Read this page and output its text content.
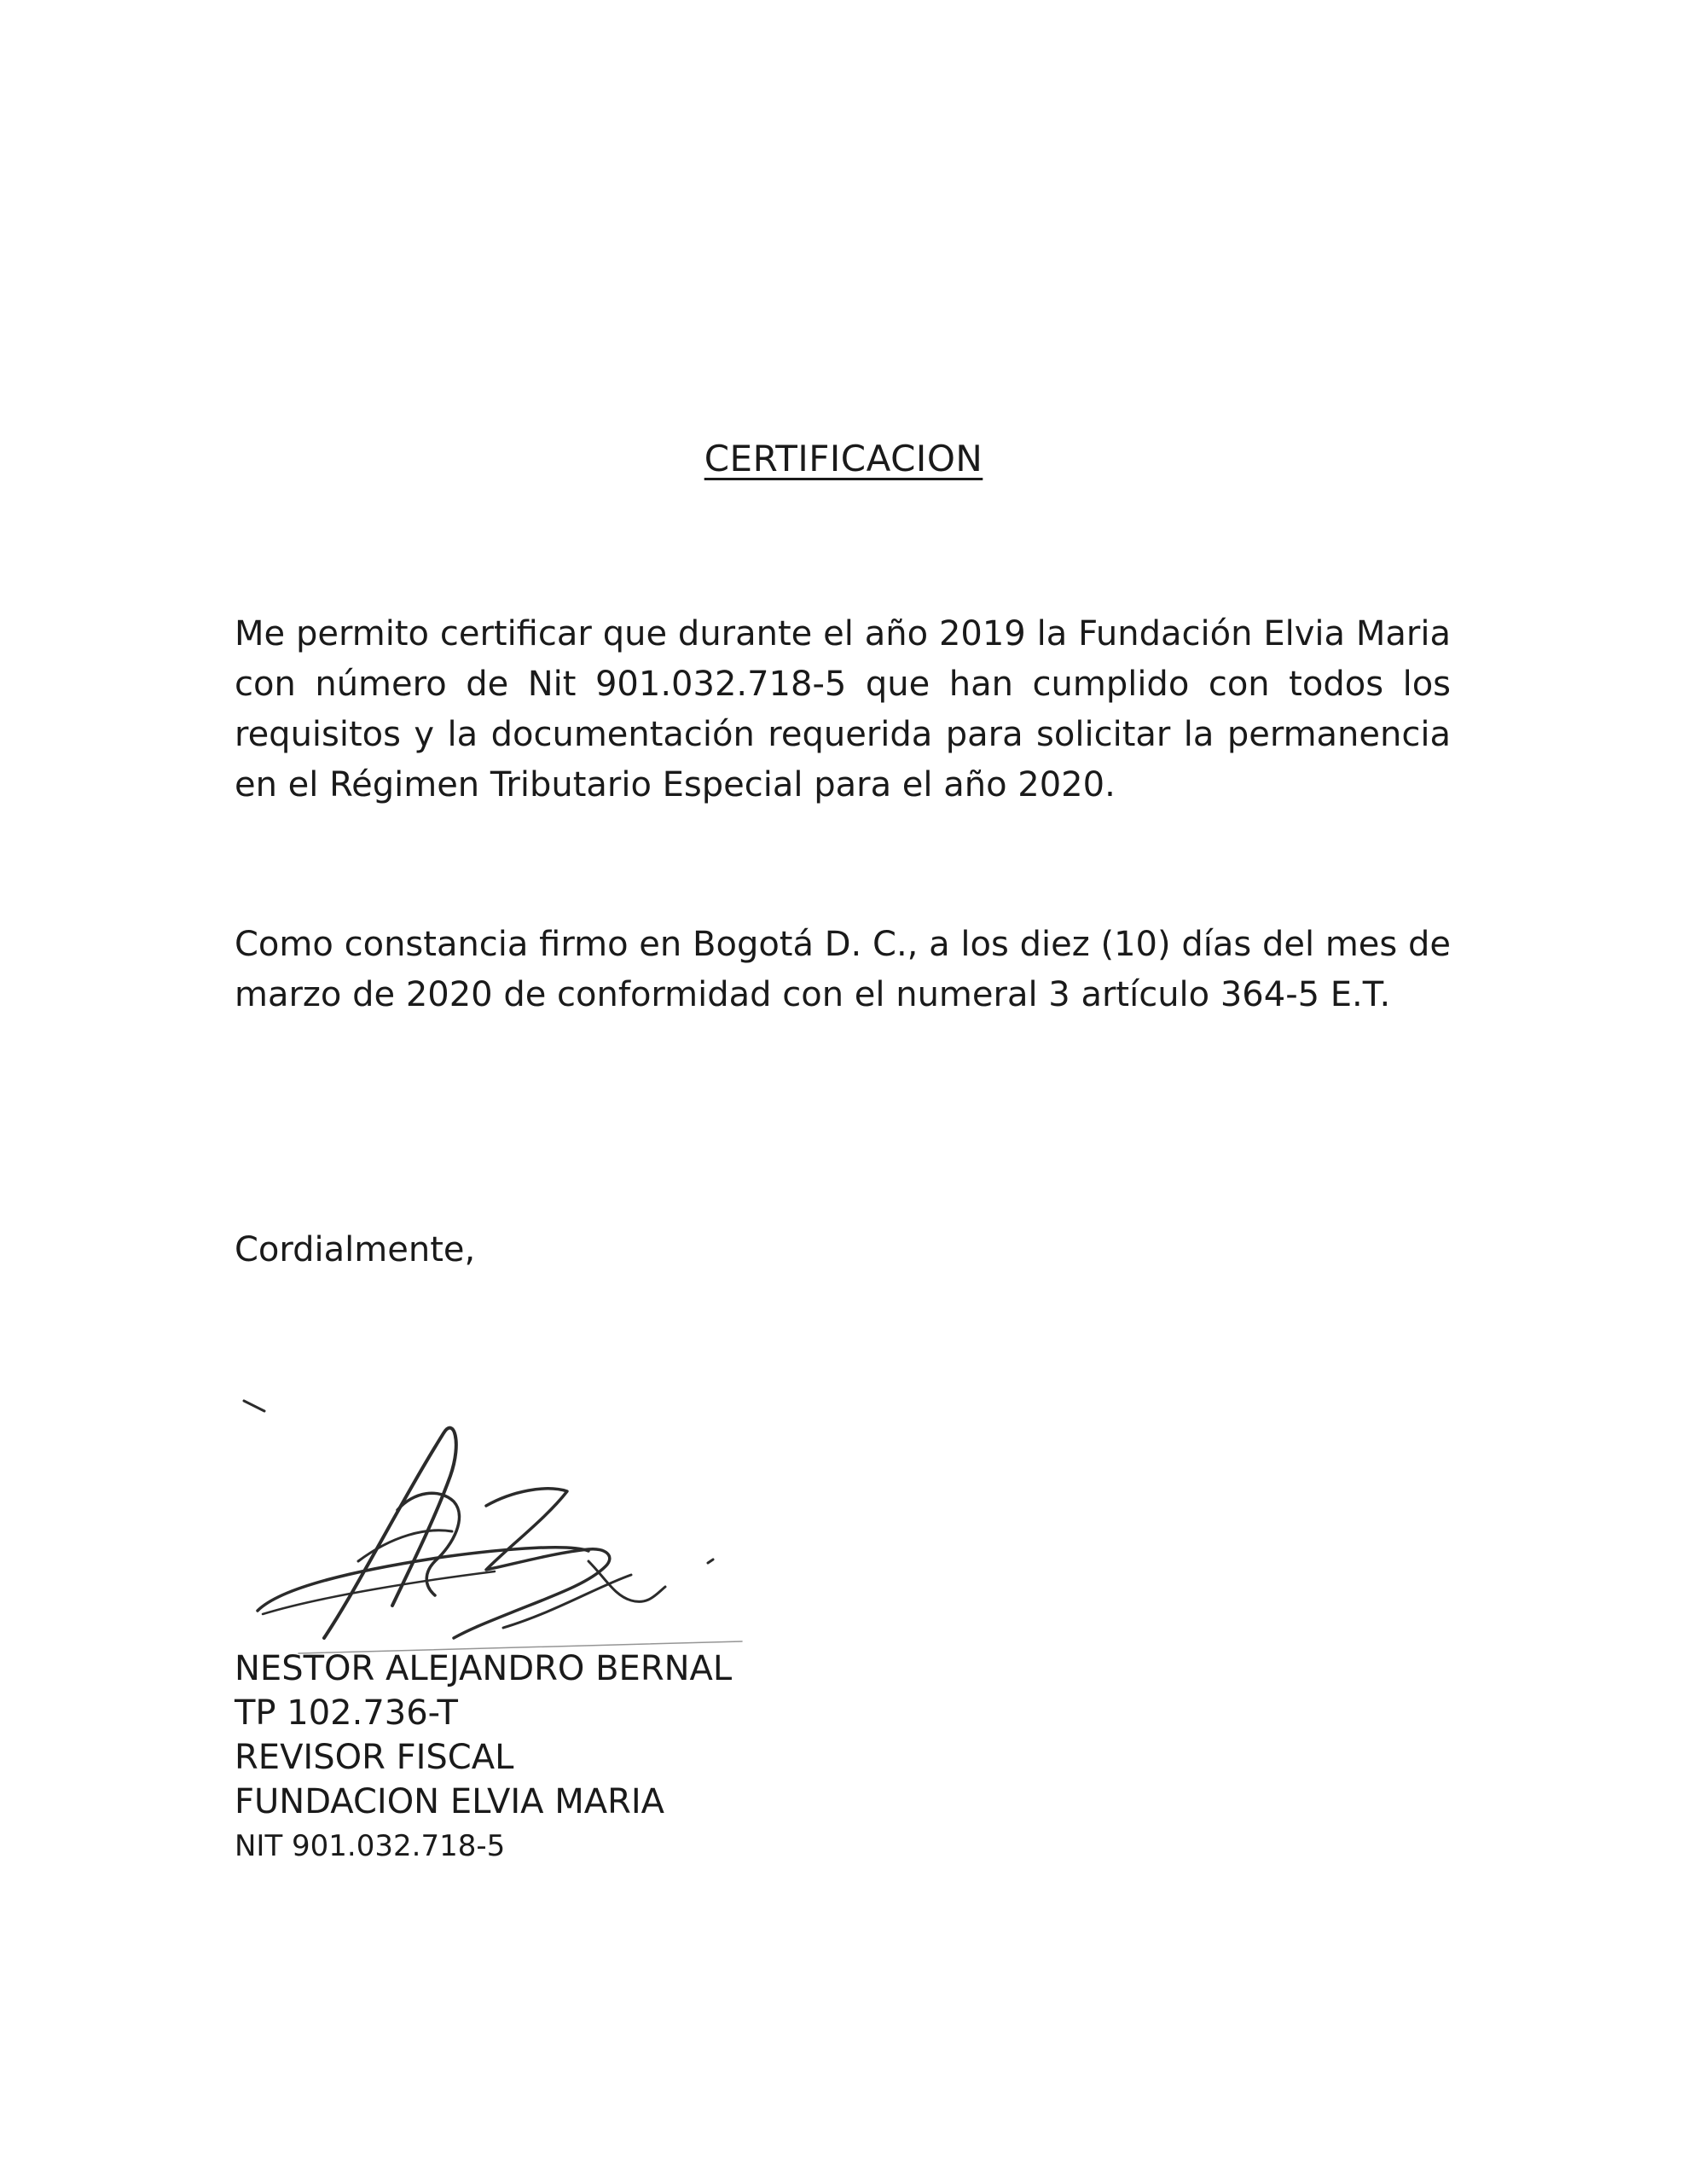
CERTIFICACION

Me permito certificar que durante el año 2019 la Fundación Elvia Maria con número de Nit 901.032.718-5 que han cumplido con todos los requisitos y la documentación requerida para solicitar la permanencia en el Régimen Tributario Especial para el año 2020.

Como constancia firmo en Bogotá D. C., a los diez (10) días del mes de marzo de 2020 de conformidad con el numeral 3 artículo 364-5 E.T.

Cordialmente,

NESTOR ALEJANDRO BERNAL
TP 102.736-T
REVISOR FISCAL
FUNDACION ELVIA MARIA
NIT 901.032.718-5
